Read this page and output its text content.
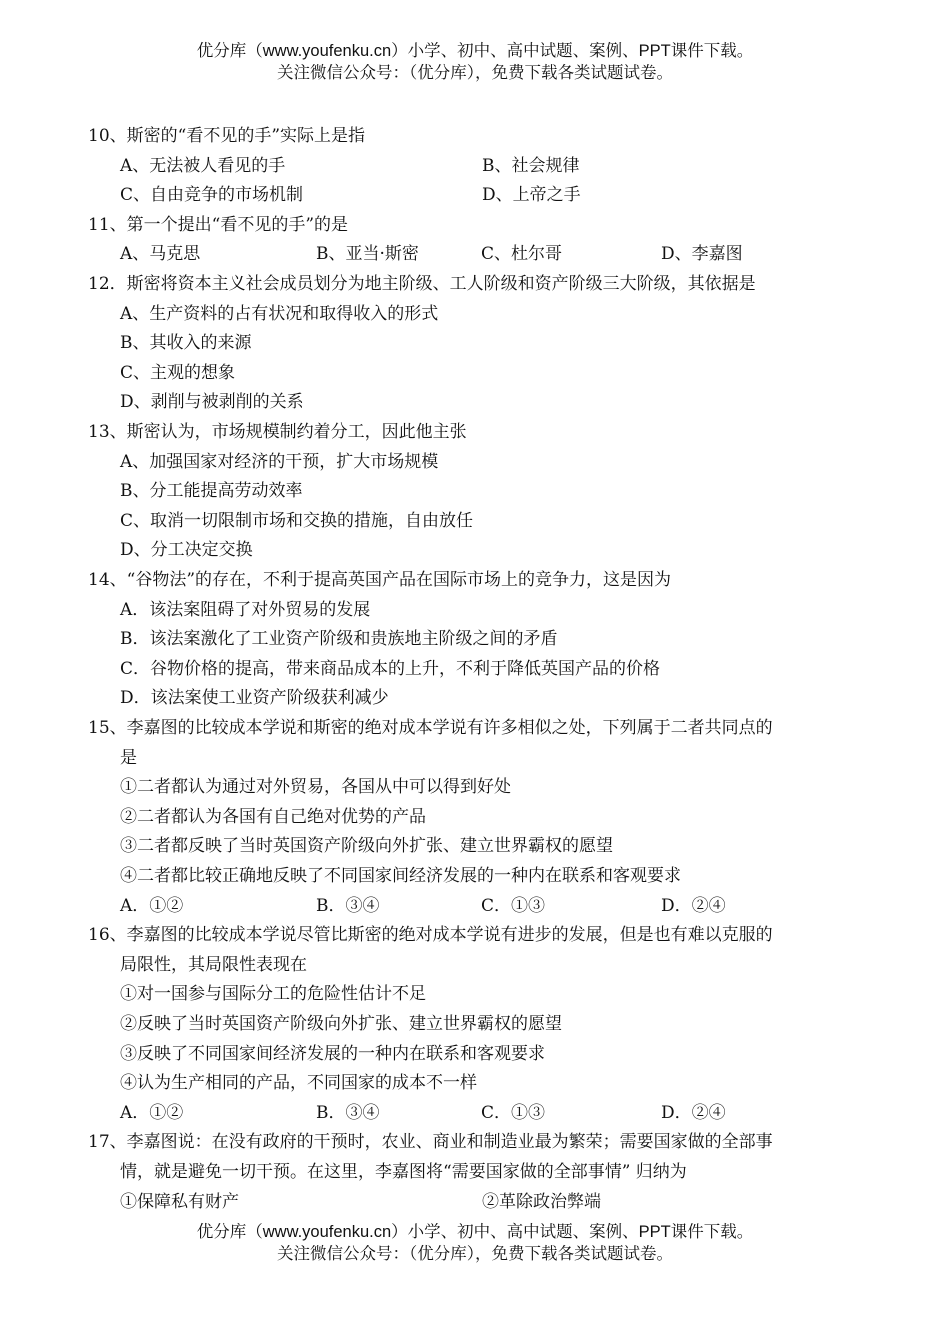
优分库（www.youfenku.cn）小学、初中、高中试题、案例、PPT课件下载。
关注微信公众号：（优分库），免费下载各类试题试卷。
10、斯密的“看不见的手”实际上是指
A、无法被人看见的手	B、社会规律
C、自由竞争的市场机制	D、上帝之手
11、第一个提出“看不见的手”的是
A、马克思	B、亚当·斯密	C、杜尔哥	D、李嘉图
12．斯密将资本主义社会成员划分为地主阶级、工人阶级和资产阶级三大阶级，其依据是
A、生产资料的占有状况和取得收入的形式
B、其收入的来源
C、主观的想象
D、剥削与被剥削的关系
13、斯密认为，市场规模制约着分工，因此他主张
A、加强国家对经济的干预，扩大市场规模
B、分工能提高劳动效率
C、取消一切限制市场和交换的措施，自由放任
D、分工决定交换
14、“谷物法”的存在，不利于提高英国产品在国际市场上的竞争力，这是因为
A．该法案阻碍了对外贸易的发展
B．该法案激化了工业资产阶级和贵族地主阶级之间的矛盾
C．谷物价格的提高，带来商品成本的上升，不利于降低英国产品的价格
D．该法案使工业资产阶级获利减少
15、李嘉图的比较成本学说和斯密的绝对成本学说有许多相似之处，下列属于二者共同点的
是
①二者都认为通过对外贸易，各国从中可以得到好处
②二者都认为各国有自己绝对优势的产品
③二者都反映了当时英国资产阶级向外扩张、建立世界霸权的愿望
④二者都比较正确地反映了不同国家间经济发展的一种内在联系和客观要求
A．①②	B．③④	C．①③	D．②④
16、李嘉图的比较成本学说尽管比斯密的绝对成本学说有进步的发展，但是也有难以克服的
局限性，其局限性表现在
①对一国参与国际分工的危险性估计不足
②反映了当时英国资产阶级向外扩张、建立世界霸权的愿望
③反映了不同国家间经济发展的一种内在联系和客观要求
④认为生产相同的产品，不同国家的成本不一样
A．①②	B．③④	C．①③	D．②④
17、李嘉图说：在没有政府的干预时，农业、商业和制造业最为繁荣；需要国家做的全部事
情，就是避免一切干预。在这里，李嘉图将“需要国家做的全部事情” 归纳为
①保障私有财产	②革除政治弊端
优分库（www.youfenku.cn）小学、初中、高中试题、案例、PPT课件下载。
关注微信公众号：（优分库），免费下载各类试题试卷。
